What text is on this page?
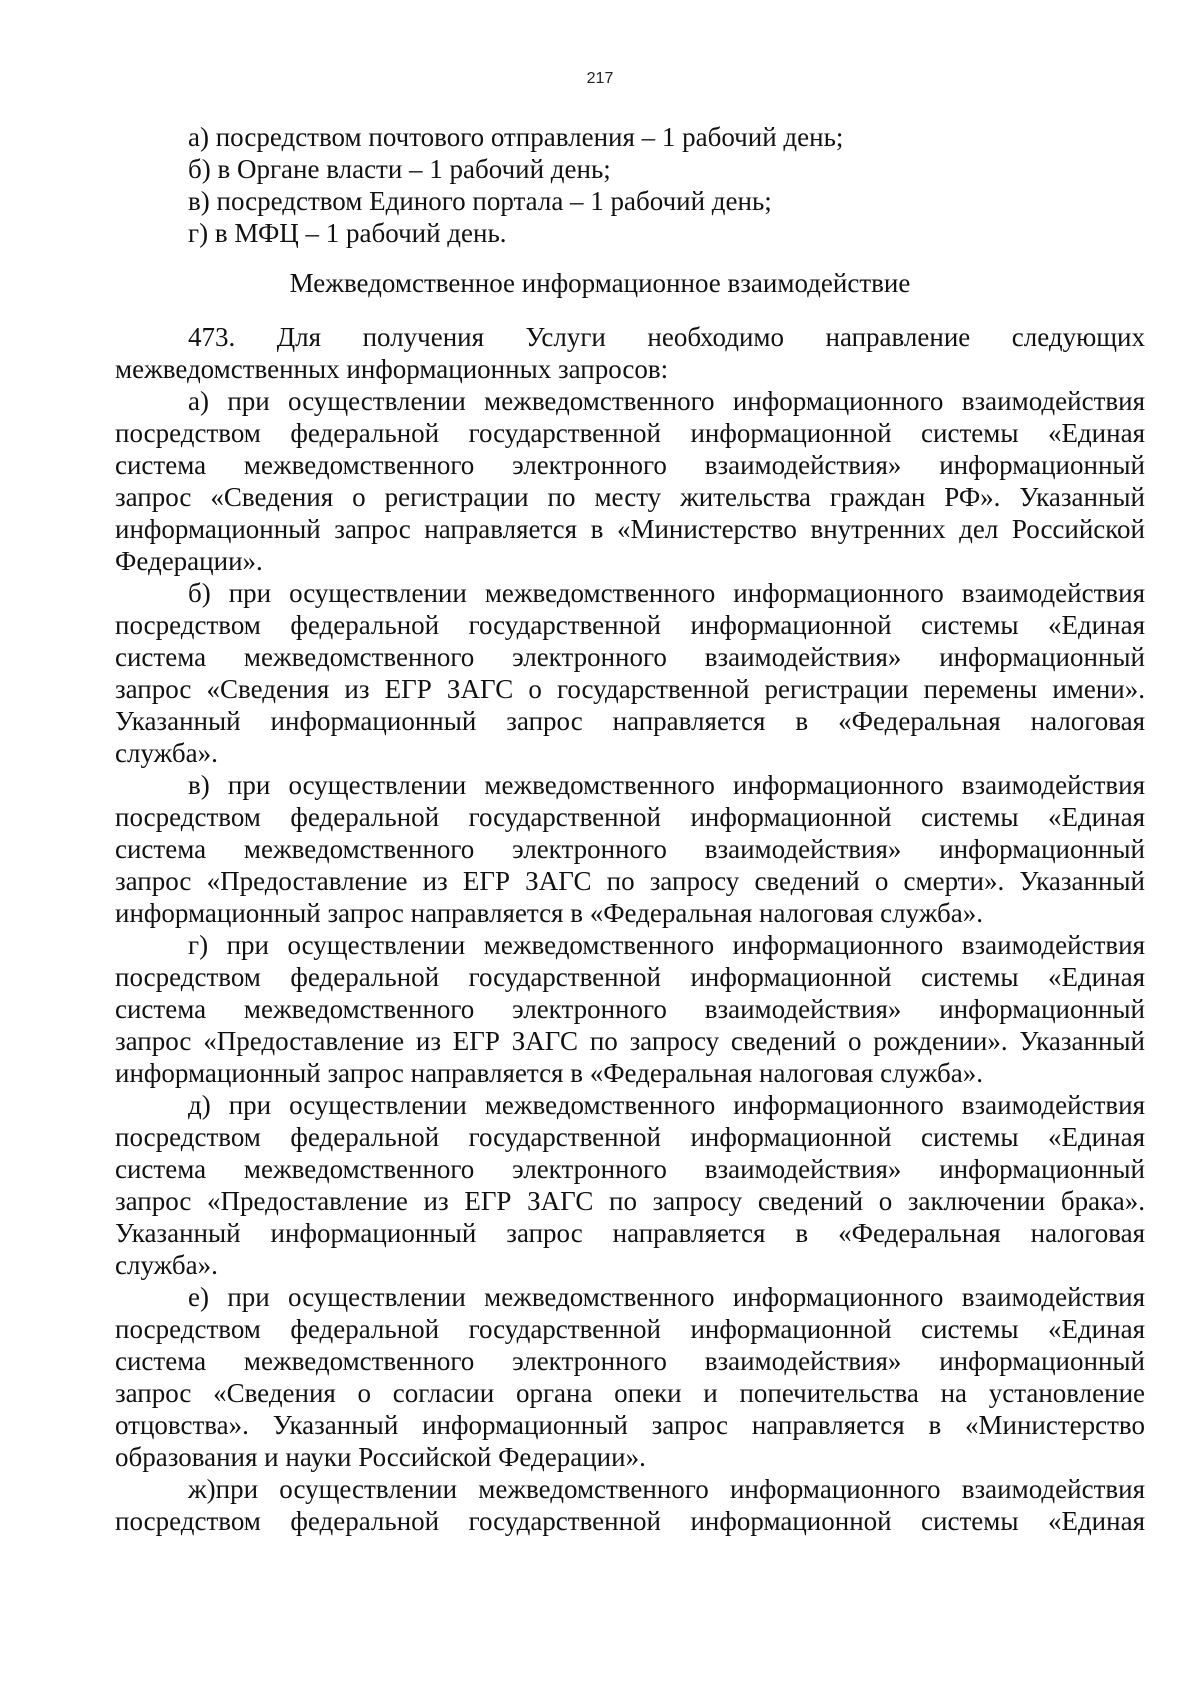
217
а) посредством почтового отправления – 1 рабочий день;
б) в Органе власти – 1 рабочий день;
в) посредством Единого портала – 1 рабочий день;
г) в МФЦ – 1 рабочий день.
Межведомственное информационное взаимодействие
473. Для получения Услуги необходимо направление следующих
межведомственных информационных запросов:
а) при осуществлении межведомственного информационного взаимодействия
посредством федеральной государственной информационной системы «Единая
система межведомственного электронного взаимодействия» информационный
запрос «Сведения о регистрации по месту жительства граждан РФ». Указанный
информационный запрос направляется в «Министерство внутренних дел Российской
Федерации».
б) при осуществлении межведомственного информационного взаимодействия
посредством федеральной государственной информационной системы «Единая
система межведомственного электронного взаимодействия» информационный
запрос «Сведения из ЕГР ЗАГС о государственной регистрации перемены имени».
Указанный информационный запрос направляется в «Федеральная налоговая
служба».
в) при осуществлении межведомственного информационного взаимодействия
посредством федеральной государственной информационной системы «Единая
система межведомственного электронного взаимодействия» информационный
запрос «Предоставление из ЕГР ЗАГС по запросу сведений о смерти». Указанный
информационный запрос направляется в «Федеральная налоговая служба».
г) при осуществлении межведомственного информационного взаимодействия
посредством федеральной государственной информационной системы «Единая
система межведомственного электронного взаимодействия» информационный
запрос «Предоставление из ЕГР ЗАГС по запросу сведений о рождении». Указанный
информационный запрос направляется в «Федеральная налоговая служба».
д) при осуществлении межведомственного информационного взаимодействия
посредством федеральной государственной информационной системы «Единая
система межведомственного электронного взаимодействия» информационный
запрос «Предоставление из ЕГР ЗАГС по запросу сведений о заключении брака».
Указанный информационный запрос направляется в «Федеральная налоговая
служба».
е) при осуществлении межведомственного информационного взаимодействия
посредством федеральной государственной информационной системы «Единая
система межведомственного электронного взаимодействия» информационный
запрос «Сведения о согласии органа опеки и попечительства на установление
отцовства». Указанный информационный запрос направляется в «Министерство
образования и науки Российской Федерации».
ж)при осуществлении межведомственного информационного взаимодействия
посредством федеральной государственной информационной системы «Единая
